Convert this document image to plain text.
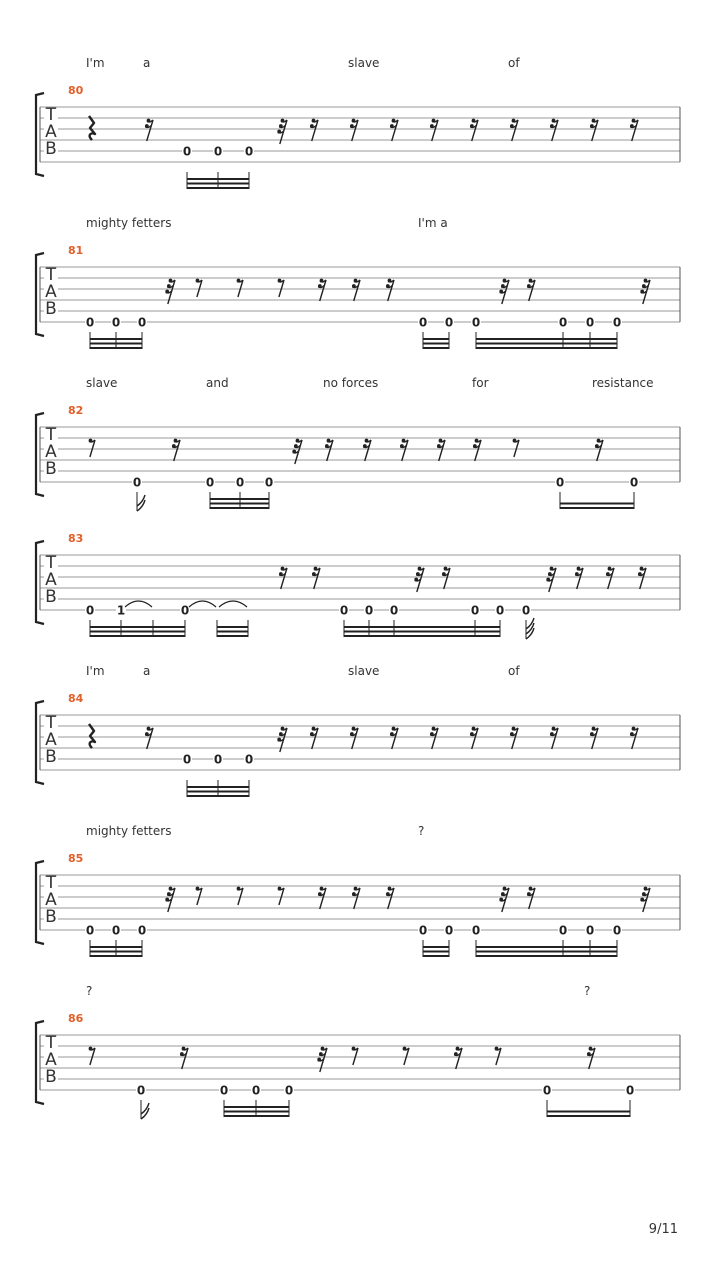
I'm	a	slave	of
80
T
A
B	0 0 0
mighty fetters	I'm a
81
T
A
B
0 0 0	0 0 0	0 0 0
slave	and	no forces	for	resistance
82
T
A
B
0	0 0 0	0	0
83
T
A
B
0 1	0	0 0 0	0 0 0
I'm	a	slave	of
84
T
A
B	0 0 0
mighty fetters	?
85
T
A
B
0 0 0	0 0 0	0 0 0
?	?
86
T
A
B
0	0 0 0	0	0
9/11
